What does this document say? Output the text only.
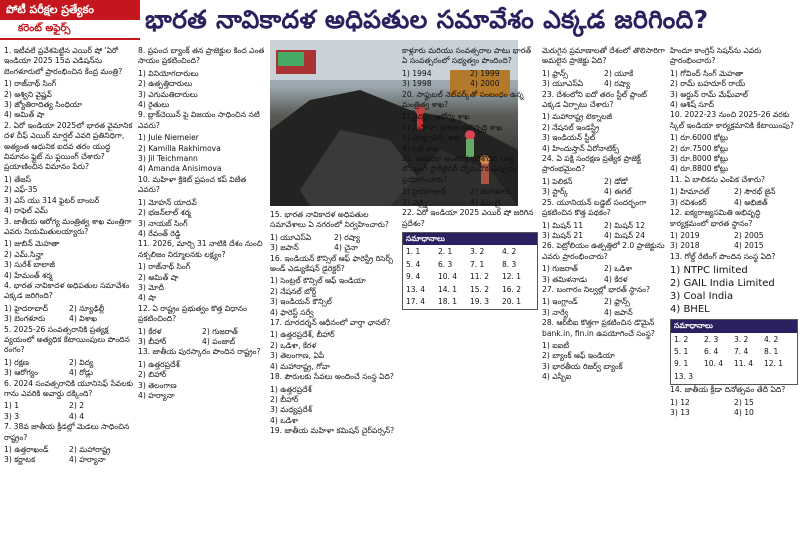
పోటీ పరీక్షల ప్రత్యేకం
కరెంట్ అఫైర్స్	భారత నావికాదళ అధిపతుల సమావేశం ఎక్కడ జరిగింది?

1. ఇటీవలే ప్రవేశపెట్టిన ఎయిర్ షో 'ఏరో ఇండియా 2025 15వ ఎడిషన్‌ను బెంగళూరులో ప్రారంభించిన కేంద్ర మంత్రి?

1) రాజ్‌నాథ్ సింగ్
2) అశ్విని వైష్ణవ్
3) జ్యోతిరాదిత్య సింధియా
4) అమిత్ షా

2. ఏరో ఇండియా 2025లో భారత వైమానిక దళ చీఫ్ ఎయిర్ మార్షల్ ఎవరి ప్రతినిధిగా, అత్యంత ఆధునిక ఐదవ తరం యుద్ధ విమానం ఫ్లైట్ ను ఫ్లయింగ్ చేశారు? ప్రయాణించిన విమానం పేరు?

1) తేజస్
2) ఎఫ్-35
3) ఎస్ యు 314 ఫైటర్ బాంబర్
4) రాఫెల్ ఎమ్

3. జాతీయ ఆరోగ్య మంత్రిత్వ శాఖ మంత్రిగా ఎవరు నియమితులయ్యారు?

1) జుబిన్ మెహతా
2) ఎమ్.సిన్హా
3) సురేశ్ బాలాజీ
4) హేమంత్ శర్మ

4. భారత నావికాదళ అధిపతుల సమావేశం ఎక్కడ జరిగింది?

1) హైదరాబాద్	2) న్యూఢిల్లీ
3) బెంగళూరు	4) విశాఖ

5. 2025-26 సంవత్సరానికి ప్రత్యక్ష వ్యయంలో అత్యధిక కేటాయింపులు పొందిన రంగం?

1) రక్షణ	2) విద్య
3) ఆరోగ్యం	4) రోడ్లు

6. 2024 సంవత్సరానికి యూనిసెఫ్ సేవలకు గాను ఎవరికి అవార్డు దక్కింది?

1) 1	2) 2
3) 3	4) 4

7. 38వ జాతీయ క్రీడల్లో మెడలు సాధించిన రాష్ట్రం?

1) ఉత్తరాఖండ్	2) మహారాష్ట్ర
3) కర్ణాటక	4) హర్యానా

8. ప్రపంచ బ్యాంక్ తన ప్రాజెక్టుల కింద ఎంత సాయం ప్రకటించింది?

1) వినియోగదారులు
2) ఉత్పత్తిదారులు
3) ఎగుమతిదారులు
4) రైతులు

9. బ్లాక్‌చెయిన్ పై విజయం సాధించిన నటి ఎవరు?

1) Jule Niemeier
2) Kamilla Rakhimova
3) Jil Teichmann
4) Amanda Anisimova

10. మహిళా క్రికెట్ ప్రపంచ కప్ విజేత ఎవరు?

1) మోహన్ యాదవ్
2) భజన్‌లాల్ శర్మ
3) నాయబ్ సింగ్
4) రేవంత్ రెడ్డి

11. 2026, మార్చి 31 నాటికి దేశం నుంచి నక్సలిజం నిర్మూలనకు లక్ష్యం?

1) రాజ్‌నాథ్ సింగ్
2) అమిత్ షా
3) మోదీ
4) షా

12. ఏ రాష్ట్రం ప్రభుత్వం కొత్త విధానం ప్రకటించింది?

1) కేరళ	2) గుజరాత్
3) బీహార్	4) పంజాబ్

13. జాతీయ పురస్కారం పొందిన రాష్ట్రం?

1) ఉత్తరప్రదేశ్
2) బిహార్
3) తెలంగాణ
4) హర్యానా

15. భారత నావికాదళ అధిపతుల సమావేశాలు ఏ నగరంలో నిర్వహించారు?

1) యూఎస్ఏ	2) రష్యా
3) జపాన్	4) చైనా

16. ఇండియన్ కౌన్సిల్ ఆఫ్ ఫారెస్ట్రీ రిసెర్చ్ అండ్ ఎడ్యుకేషన్ డైరెక్టర్?

1) సెంట్రల్ కౌన్సిల్ ఆఫ్ ఇండియా
2) నేషనల్ బోర్డ్
3) ఇండియన్ కౌన్సిల్
4) ఫారెస్ట్ సర్వే

17. దూరదర్శన్ ఆధీనంలో వార్తా ఛానల్?

1) ఉత్తరప్రదేశ్, బీహార్
2) ఒడిశా, కేరళ
3) తెలంగాణ, ఏపీ
4) మహారాష్ట్ర, గోవా

18. పౌరులకు సేవలు అందించే సంస్థ ఏది?

1) ఉత్తరప్రదేశ్
2) బీహార్
3) మధ్యప్రదేశ్
4) ఒడిశా

19. జాతీయ మహిళా కమిషన్ చైర్‌పర్సన్?

కాళ్లూరు మరియు సంవత్సరాల పాటు భారత్ ఏ సంవత్సరంలో సభ్యత్వం పొందింది?

1) 1994	2) 1999
3) 1998	4) 2000

20. సాఫ్టుబల్ నెట్‌వర్క్‌తో సంబంధం ఉన్న మంత్రిత్వ శాఖ?

1) వైద్యం, ఆరోగ్య శాఖ
2) మహిళా, బాలల అభివృద్ధి శాఖ
3) ఎలక్ట్రానిక్స్ శాఖ
4) ఐటీ శాఖ

21. అమెరికా అంతరిక్ష పరిశోధన సంస్థ బోయింగ్ స్టార్‌లైనర్ వ్యోమనౌక ఎప్పుడు ప్రయోగించారు?

1) హైదరాబాద్	2) బెంగళూరు
3) చెన్నై	4) ముంబై

22. ఏరో ఇండియా 2025 ఎయిర్ షో జరిగిన ప్రదేశం?

సమాధానాలు
1. 1	2. 1	3. 2	4. 2
5. 4	6. 3	7. 1	8. 3
9. 4	10. 4	11. 2	12. 1
13. 4	14. 1	15. 2	16. 2
17. 4	18. 1	19. 3	20. 1

మెరుగైన ప్రమాణాలతో దేశంలో తొలిసారిగా అమలైన ప్రాజెక్టు ఏది?

1) ఫ్రాన్స్	2) యూకే
3) యూఎస్ఏ	4) రష్యా

23. దేశంలోని ఐదో తరం స్టీల్ ప్లాంట్ ఎక్కడ ఏర్పాటు చేశారు?

1) మహారాష్ట్ర టెక్నాలజీ
2) నేషనల్ ఇండస్ట్రీ
3) ఇండియన్ స్టీల్
4) హిందుస్తాన్ ఏరోనాటిక్స్

24. ఏ పక్షి సంరక్షణ ప్రత్యేక ప్రాజెక్ట్ ప్రారంభమైంది?

1) పెలికన్	2) డోడో
3) స్టార్క్	4) ఈగల్

25. యూనియన్ బడ్జెట్ సందర్భంగా ప్రకటించిన కొత్త పథకం?

1) మిషన్ 11	2) మిషన్ 12
3) మిషన్ 21	4) మిషన్ 24

26. పెట్రోలియం ఉత్పత్తిలో 2.0 ప్రాజెక్టును ఎవరు ప్రారంభించారు?

1) గుజరాత్	2) ఒడిశా
3) తమిళనాడు	4) కేరళ

27. బంగారం నిల్వల్లో భారత్ స్థానం?

1) ఇంగ్లాండ్	2) ఫ్రాన్స్
3) నార్వే	4) జపాన్

28. ఆర్‌బీఐ కొత్తగా ప్రకటించిన డొమైన్ bank.in, fin.in ఉపయోగించే సంస్థ?

1) ఐఐటీ
2) బ్యాంక్ ఆఫ్ ఇండియా
3) భారతీయ రిజర్వ్ బ్యాంక్
4) ఎస్బీఐ

హిందూ కాంగ్రెస్ సెషన్‌ను ఎవరు ప్రారంభించారు?

1) గోవింద్ సింగ్ మెహతా
2) రామ్ బహదూర్ రాయ్
3) అర్జున్ రామ్ మేఘ్‌వాల్
4) ఆశిష్ సూద్

10. 2022-23 నుంచి 2025-26 వరకు స్కిల్ ఇండియా కార్యక్రమానికి కేటాయింపు?

1) రూ.6000 కోట్లు
2) రూ.7500 కోట్లు
3) రూ.8000 కోట్లు
4) రూ.8800 కోట్లు

11. ఏ బాలికను ఎంపిక చేశారు?

1) హిమాచల్	2) సౌరభ్ జైన్
3) రవిశంకర్	4) అభిజిత్

12. ఐక్యరాజ్యసమితి అభివృద్ధి కార్యక్రమంలో భారత స్థానం?

1) 2019	2) 2005
3) 2018	4) 2015

13. గోల్డ్ రేటింగ్ పొందిన సంస్థ ఏది?

1) NTPC limited
2) GAIL India Limited
3) Coal India
4) BHEL
సమాధానాలు
1. 2	2. 3	3. 2	4. 2
5. 1	6. 4	7. 4	8. 1
9. 1	10. 4	11. 4	12. 1
13. 3

14. జాతీయ క్రీడా దినోత్సవం తేదీ ఏది?

1) 12	2) 15
3) 13	4) 10
